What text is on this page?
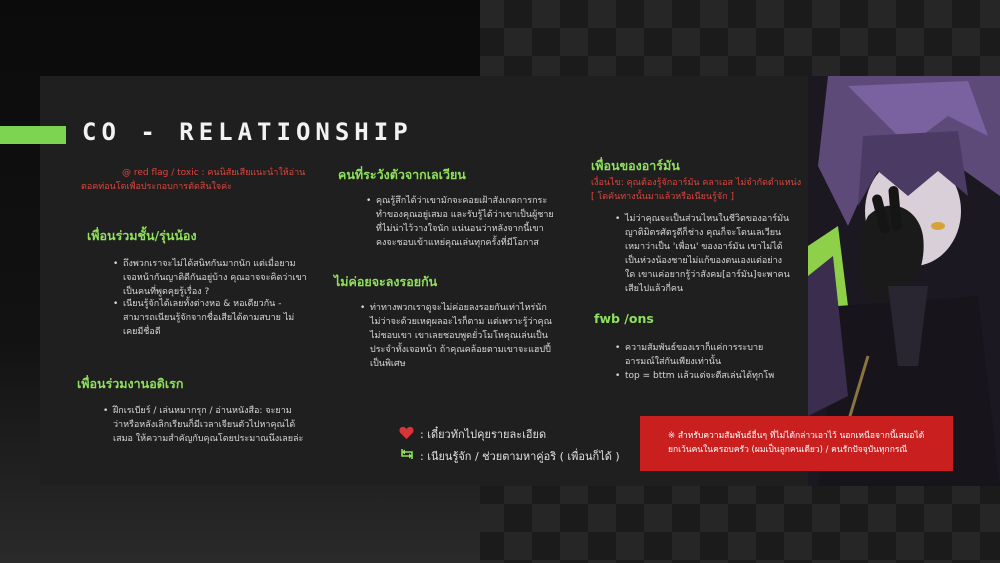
CO - RELATIONSHIP
@ red flag / toxic : คนนิสัยเสียแนะนำให้อ่าน
ตอคท่อนโดเพื่อประกอบการตัดสินใจค่ะ
เพื่อนร่วมชั้น/รุ่นน้อง
• ถึงพวกเราจะไม่ได้สนิทกันมากนัก แต่เมื่อยาม
เจอหน้ากันญาติดีกันอยู่บ้าง คุณอาจจะคิดว่าเขา
เป็นคนที่พูดคุยรู้เรื่อง ?
• เนียนรู้จักได้เลยทั้งต่างหอ & หอเดียวกัน -
สามารถเนียนรู้จักจากชื่อเสียได้ตามสบาย ไม่
เคยมีชื่อดี
เพื่อนร่วมงานอดิเรก
• ฝึกเรเบียร์ / เล่นหมากรุก / อ่านหนังสือ: จะยาม
ว่าหรือหลังเลิกเรียนก็มีเวลาเจียนตัวไปหาคุณได้
เสมอ ให้ความสำคัญกับคุณโดยประมาณนึงเลยล่ะ
คนที่ระวังตัวจากเลเวียน
• คุณรู้สึกได้ว่าเขามักจะคอยเฝ้าสังเกตการกระ
ทำของคุณอยู่เสมอ และรับรู้ได้ว่าเขาเป็นผู้ชาย
ที่ไม่น่าไว้วางใจนัก แน่นอนว่าหลังจากนี้เขา
คงจะชอบเข้าแหย่คุณเล่นทุกครั้งที่มีโอกาส
ไม่ค่อยจะลงรอยกัน
• ท่าทางพวกเราดูจะไม่ค่อยลงรอยกันเท่าไหร่นัก
ไม่ว่าจะด้วยเหตุผลอะไรก็ตาม แต่เพราะรู้ว่าคุณ
ไม่ชอบเขา เขาเลยชอบพูดยั่วโมโหคุณเล่นเป็น
ประจำทั้งเจอหน้า ถ้าคุณคล้อยตามเขาจะแฮปปี้
เป็นพิเศษ
เพื่อนของอาร์มัน
เงื่อนไข: คุณต้องรู้จักอาร์มัน คลาเอส ไม่จำกัดตำแหน่ง
[ โดคันทางนั้นมาแล้วหรือเนียนรู้จัก ]
• ไม่ว่าคุณจะเป็นส่วนไหนในชีวิตของอาร์มัน
ญาติมิตรศัตรูดีก็ช่าง คุณก็จะโดนเลเวียน
เหมาว่าเป็น 'เพื่อน' ของอาร์มัน เขาไม่ได้
เป็นห่วงน้องชายไม่แก้ของตนเองแต่อย่าง
ใด เขาแค่อยากรู้ว่าสังคม[อาร์มัน]จะพาคน
เสียไปแล้วกี่คน
fwb /ons
• ความสัมพันธ์ของเราก็แค่การระบาย
อารมณ์ใส่กันเพียงเท่านั้น
• top = bttm แล้วแต่จะตีสเล่นได้ทุกโพ
: เดี๋ยวทักไปคุยรายละเอียด
: เนียนรู้จัก / ช่วยตามหาคู่อริ ( เพื่อนก็ได้ )
※ สำหรับความสัมพันธ์อื่นๆ ที่ไม่ได้กล่าวเอาไว้ นอกเหนือจากนี้เสมอได้
ยกเว้นคนในครอบครัว (ผมเป็นลูกคนเดียว) / คนรักปัจจุบันทุกกรณี
